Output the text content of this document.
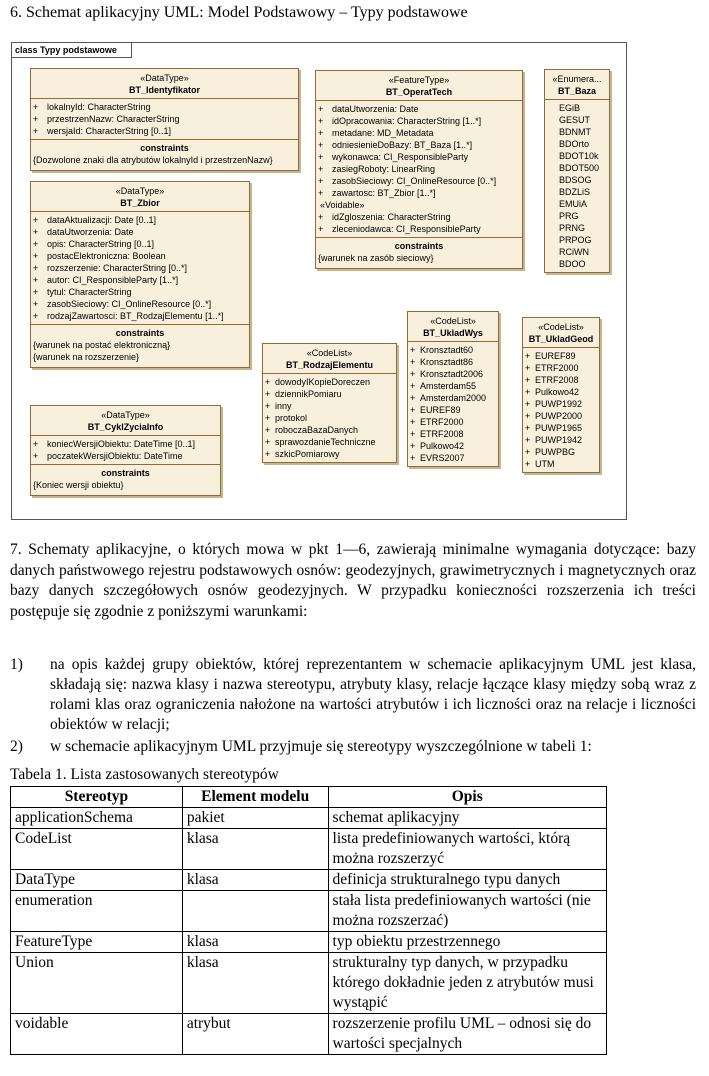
6. Schemat aplikacyjny UML: Model Podstawowy – Typy podstawowe
class Typy podstawowe
«DataType»
BT_Identyfikator
+ lokalnyId: CharacterString
+ przestrzenNazw: CharacterString
+ wersjaId: CharacterString [0..1]
constraints
{Dozwolone znaki dla atrybutów lokalnyId i przestrzenNazw}
«DataType»
BT_Zbior
+ dataAktualizacji: Date [0..1]
+ dataUtworzenia: Date
+ opis: CharacterString [0..1]
+ postacElektroniczna: Boolean
+ rozszerzenie: CharacterString [0..*]
+ autor: CI_ResponsibleParty [1..*]
+ tytul: CharacterString
+ zasobSieciowy: CI_OnlineResource [0..*]
+ rodzajZawartosci: BT_RodzajElementu [1..*]
constraints
{warunek na postać elektroniczną}
{warunek na rozszerzenie}
«DataType»
BT_CyklZyciaInfo
+ koniecWersjiObiektu: DateTime [0..1]
+ poczatekWersjiObiektu: DateTime
constraints
{Koniec wersji obiektu}
«FeatureType»
BT_OperatTech
+ dataUtworzenia: Date
+ idOpracowania: CharacterString [1..*]
+ metadane: MD_Metadata
+ odniesienieDoBazy: BT_Baza [1..*]
+ wykonawca: CI_ResponsibleParty
+ zasiegRoboty: LinearRing
+ zasobSieciowy: CI_OnlineResource [0..*]
+ zawartosc: BT_Zbior [1..*]
«Voidable»
+ idZgloszenia: CharacterString
+ zleceniodawca: CI_ResponsibleParty
constraints
{warunek na zasób sieciowy}
«Enumera...
BT_Baza
EGiB
GESUT
BDNMT
BDOrto
BDOT10k
BDOT500
BDSOG
BDZLiS
EMUiA
PRG
PRNG
PRPOG
RCiWN
BDOO
«CodeList»
BT_RodzajElementu
+ dowodyIKopieDoreczen
+ dziennikPomiaru
+ inny
+ protokol
+ roboczaBazaDanych
+ sprawozdanieTechniczne
+ szkicPomiarowy
«CodeList»
BT_UkladWys
+ Kronsztadt60
+ Kronsztadt86
+ Kronsztadt2006
+ Amsterdam55
+ Amsterdam2000
+ EUREF89
+ ETRF2000
+ ETRF2008
+ Pulkowo42
+ EVRS2007
«CodeList»
BT_UkladGeod
+ EUREF89
+ ETRF2000
+ ETRF2008
+ Pulkowo42
+ PUWP1992
+ PUWP2000
+ PUWP1965
+ PUWP1942
+ PUWPBG
+ UTM
7. Schematy aplikacyjne, o których mowa w pkt 1—6, zawierają minimalne wymagania dotyczące: bazy danych państwowego rejestru podstawowych osnów: geodezyjnych, grawimetrycznych i magnetycznych oraz bazy danych szczegółowych osnów geodezyjnych. W przypadku konieczności rozszerzenia ich treści postępuje się zgodnie z poniższymi warunkami:
1) na opis każdej grupy obiektów, której reprezentantem w schemacie aplikacyjnym UML jest klasa, składają się: nazwa klasy i nazwa stereotypu, atrybuty klasy, relacje łączące klasy między sobą wraz z rolami klas oraz ograniczenia nałożone na wartości atrybutów i ich liczności oraz na relacje i liczności obiektów w relacji;
2) w schemacie aplikacyjnym UML przyjmuje się stereotypy wyszczególnione w tabeli 1:
Tabela 1. Lista zastosowanych stereotypów
Stereotyp	Element modelu	Opis
applicationSchema	pakiet	schemat aplikacyjny
CodeList	klasa	lista predefiniowanych wartości, którą można rozszerzyć
DataType	klasa	definicja strukturalnego typu danych
enumeration		stała lista predefiniowanych wartości (nie można rozszerzać)
FeatureType	klasa	typ obiektu przestrzennego
Union	klasa	strukturalny typ danych, w przypadku którego dokładnie jeden z atrybutów musi wystąpić
voidable	atrybut	rozszerzenie profilu UML – odnosi się do wartości specjalnych
